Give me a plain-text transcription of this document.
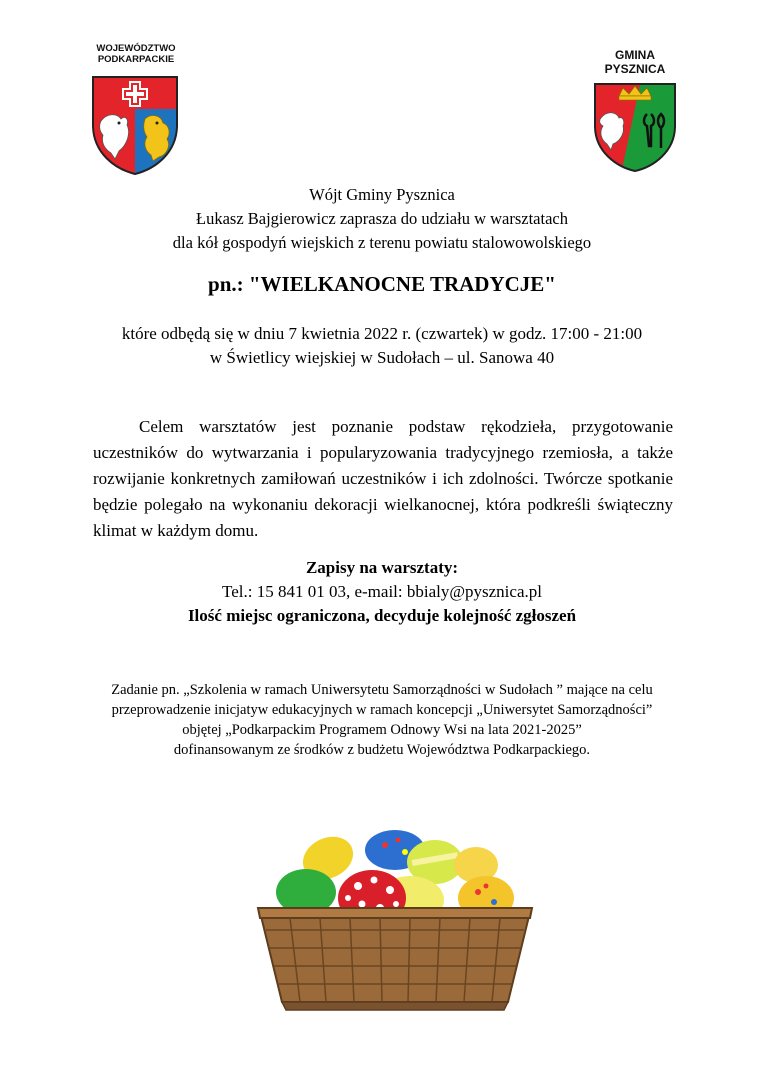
WOJEWÓDZTWO
PODKARPACKIE	GMINA
PYSZNICA
Wójt Gminy Pysznica
Łukasz Bajgierowicz zaprasza do udziału w warsztatach
dla kół gospodyń wiejskich z terenu powiatu stalowowolskiego
pn.: "WIELKANOCNE TRADYCJE"
które odbędą się w dniu 7 kwietnia 2022 r. (czwartek) w godz. 17:00 - 21:00
w Świetlicy wiejskiej w Sudołach – ul. Sanowa 40
Celem warsztatów jest poznanie podstaw rękodzieła, przygotowanie uczestników do wytwarzania i popularyzowania tradycyjnego rzemiosła, a także rozwijanie konkretnych zamiłowań uczestników i ich zdolności. Twórcze spotkanie będzie polegało na wykonaniu dekoracji wielkanocnej, która podkreśli świąteczny klimat w każdym domu.
Zapisy na warsztaty:
Tel.: 15 841 01 03, e-mail: bbialy@pysznica.pl
Ilość miejsc ograniczona, decyduje kolejność zgłoszeń
Zadanie pn. „Szkolenia w ramach Uniwersytetu Samorządności w Sudołach ” mające na celu
przeprowadzenie inicjatyw edukacyjnych w ramach koncepcji „Uniwersytet Samorządności”
objętej „Podkarpackim Programem Odnowy Wsi na lata 2021-2025”
dofinansowanym ze środków z budżetu Województwa Podkarpackiego.
